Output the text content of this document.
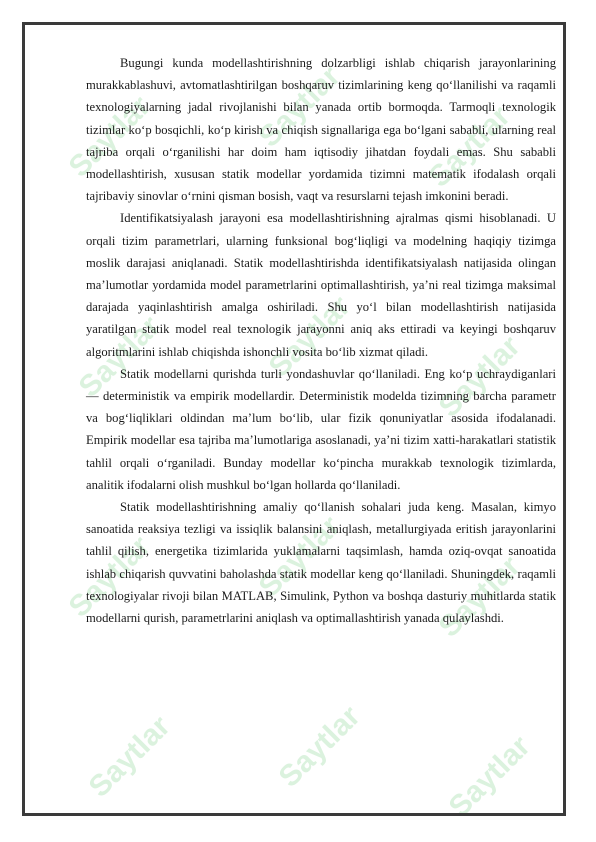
Saytlar	Saytlar	Saytlar
Saytlar	Saytlar	Saytlar
Saytlar	Saytlar	Saytlar
Saytlar	Saytlar	Saytlar

Bugungi kunda modellashtirishning dolzarbligi ishlab chiqarish jarayonlarining murakkablashuvi, avtomatlashtirilgan boshqaruv tizimlarining keng qo‘llanilishi va raqamli texnologiyalarning jadal rivojlanishi bilan yanada ortib bormoqda. Tarmoqli texnologik tizimlar ko‘p bosqichli, ko‘p kirish va chiqish signallariga ega bo‘lgani sababli, ularning real tajriba orqali o‘rganilishi har doim ham iqtisodiy jihatdan foydali emas. Shu sababli modellashtirish, xususan statik modellar yordamida tizimni matematik ifodalash orqali tajribaviy sinovlar o‘rnini qisman bosish, vaqt va resurslarni tejash imkonini beradi.

Identifikatsiyalash jarayoni esa modellashtirishning ajralmas qismi hisoblanadi. U orqali tizim parametrlari, ularning funksional bog‘liqligi va modelning haqiqiy tizimga moslik darajasi aniqlanadi. Statik modellashtirishda identifikatsiyalash natijasida olingan ma’lumotlar yordamida model parametrlarini optimallashtirish, ya’ni real tizimga maksimal darajada yaqinlashtirish amalga oshiriladi. Shu yo‘l bilan modellashtirish natijasida yaratilgan statik model real texnologik jarayonni aniq aks ettiradi va keyingi boshqaruv algoritmlarini ishlab chiqishda ishonchli vosita bo‘lib xizmat qiladi.

Statik modellarni qurishda turli yondashuvlar qo‘llaniladi. Eng ko‘p uchraydiganlari — deterministik va empirik modellardir. Deterministik modelda tizimning barcha parametr va bog‘liqliklari oldindan ma’lum bo‘lib, ular fizik qonuniyatlar asosida ifodalanadi. Empirik modellar esa tajriba ma’lumotlariga asoslanadi, ya’ni tizim xatti-harakatlari statistik tahlil orqali o‘rganiladi. Bunday modellar ko‘pincha murakkab texnologik tizimlarda, analitik ifodalarni olish mushkul bo‘lgan hollarda qo‘llaniladi.

Statik modellashtirishning amaliy qo‘llanish sohalari juda keng. Masalan, kimyo sanoatida reaksiya tezligi va issiqlik balansini aniqlash, metallurgiyada eritish jarayonlarini tahlil qilish, energetika tizimlarida yuklamalarni taqsimlash, hamda oziq-ovqat sanoatida ishlab chiqarish quvvatini baholashda statik modellar keng qo‘llaniladi. Shuningdek, raqamli texnologiyalar rivoji bilan MATLAB, Simulink, Python va boshqa dasturiy muhitlarda statik modellarni qurish, parametrlarini aniqlash va optimallashtirish yanada qulaylashdi.
